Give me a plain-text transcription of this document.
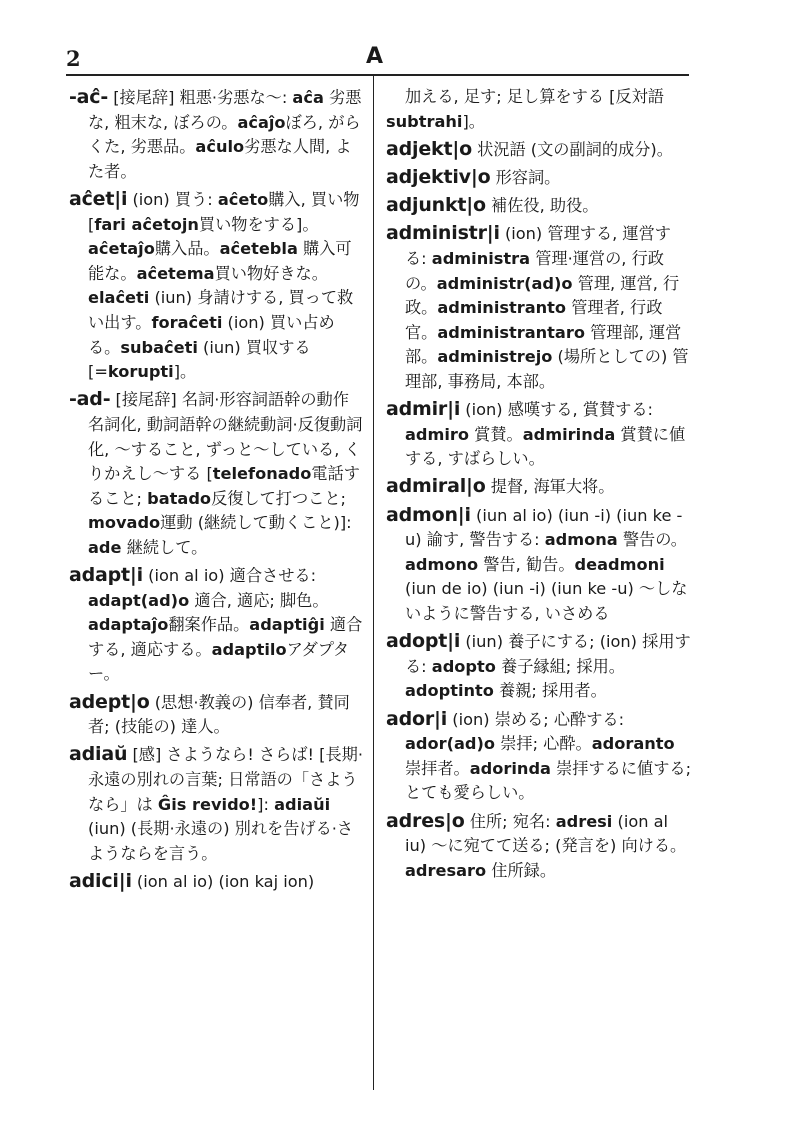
2	A
-aĉ- [接尾辞] 粗悪·劣悪な～: aĉa 劣悪な, 粗末な, ぼろの。aĉaĵoぼろ, がらくた, 劣悪品。aĉulo劣悪な人間, よた者。
aĉet|i (ion) 買う: aĉeto購入, 買い物 [fari aĉetojn買い物をする]。aĉetaĵo購入品。aĉetebla 購入可能な。aĉetema買い物好きな。elaĉeti (iun) 身請けする, 買って救い出す。foraĉeti (ion) 買い占める。subaĉeti (iun) 買収する [=korupti]。
-ad- [接尾辞] 名詞·形容詞語幹の動作名詞化, 動詞語幹の継続動詞·反復動詞化, ～すること, ずっと～している, くりかえし～する [telefonado電話すること; batado反復して打つこと; movado運動 (継続して動くこと)]: ade 継続して。
adapt|i (ion al io) 適合させる: adapt(ad)o 適合, 適応; 脚色。adaptaĵo翻案作品。adaptiĝi 適合する, 適応する。adaptiloアダプター。
adept|o (思想·教義の) 信奉者, 賛同者; (技能の) 達人。
adiaŭ [感] さようなら! さらば! [長期·永遠の別れの言葉; 日常語の「さようなら」は Ĝis revido!]: adiaŭi (iun) (長期·永遠の) 別れを告げる·さようならを言う。
adici|i (ion al io) (ion kaj ion)
加える, 足す; 足し算をする [反対語 subtrahi]。
adjekt|o 状況語 (文の副詞的成分)。
adjektiv|o 形容詞。
adjunkt|o 補佐役, 助役。
administr|i (ion) 管理する, 運営する: administra 管理·運営の, 行政の。administr(ad)o 管理, 運営, 行政。administranto 管理者, 行政官。administrantaro 管理部, 運営部。administrejo (場所としての) 管理部, 事務局, 本部。
admir|i (ion) 感嘆する, 賞賛する: admiro 賞賛。admirinda 賞賛に値する, すばらしい。
admiral|o 提督, 海軍大将。
admon|i (iun al io) (iun -i) (iun ke -u) 諭す, 警告する: admona 警告の。admono 警告, 勧告。deadmoni (iun de io) (iun -i) (iun ke -u) ～しないように警告する, いさめる
adopt|i (iun) 養子にする; (ion) 採用する: adopto 養子縁組; 採用。adoptinto 養親; 採用者。
ador|i (ion) 崇める; 心酔する: ador(ad)o 崇拝; 心酔。adoranto 崇拝者。adorinda 崇拝するに値する; とても愛らしい。
adres|o 住所; 宛名: adresi (ion al iu) ～に宛てて送る; (発言を) 向ける。adresaro 住所録。
